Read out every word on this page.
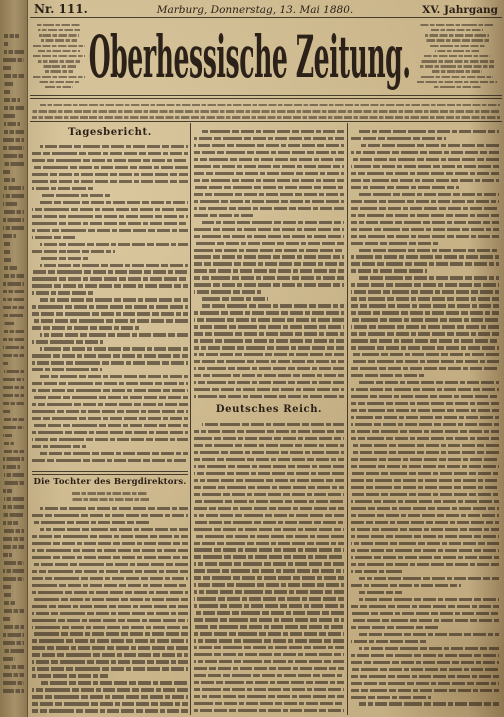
Nr. 111.	Marburg, Donnerstag, 13. Mai 1880.	XV. Jahrgang
Oberhessische Zeitung.
Tagesbericht.
Die Tochter des Bergdirektors.
Deutsches Reich.
